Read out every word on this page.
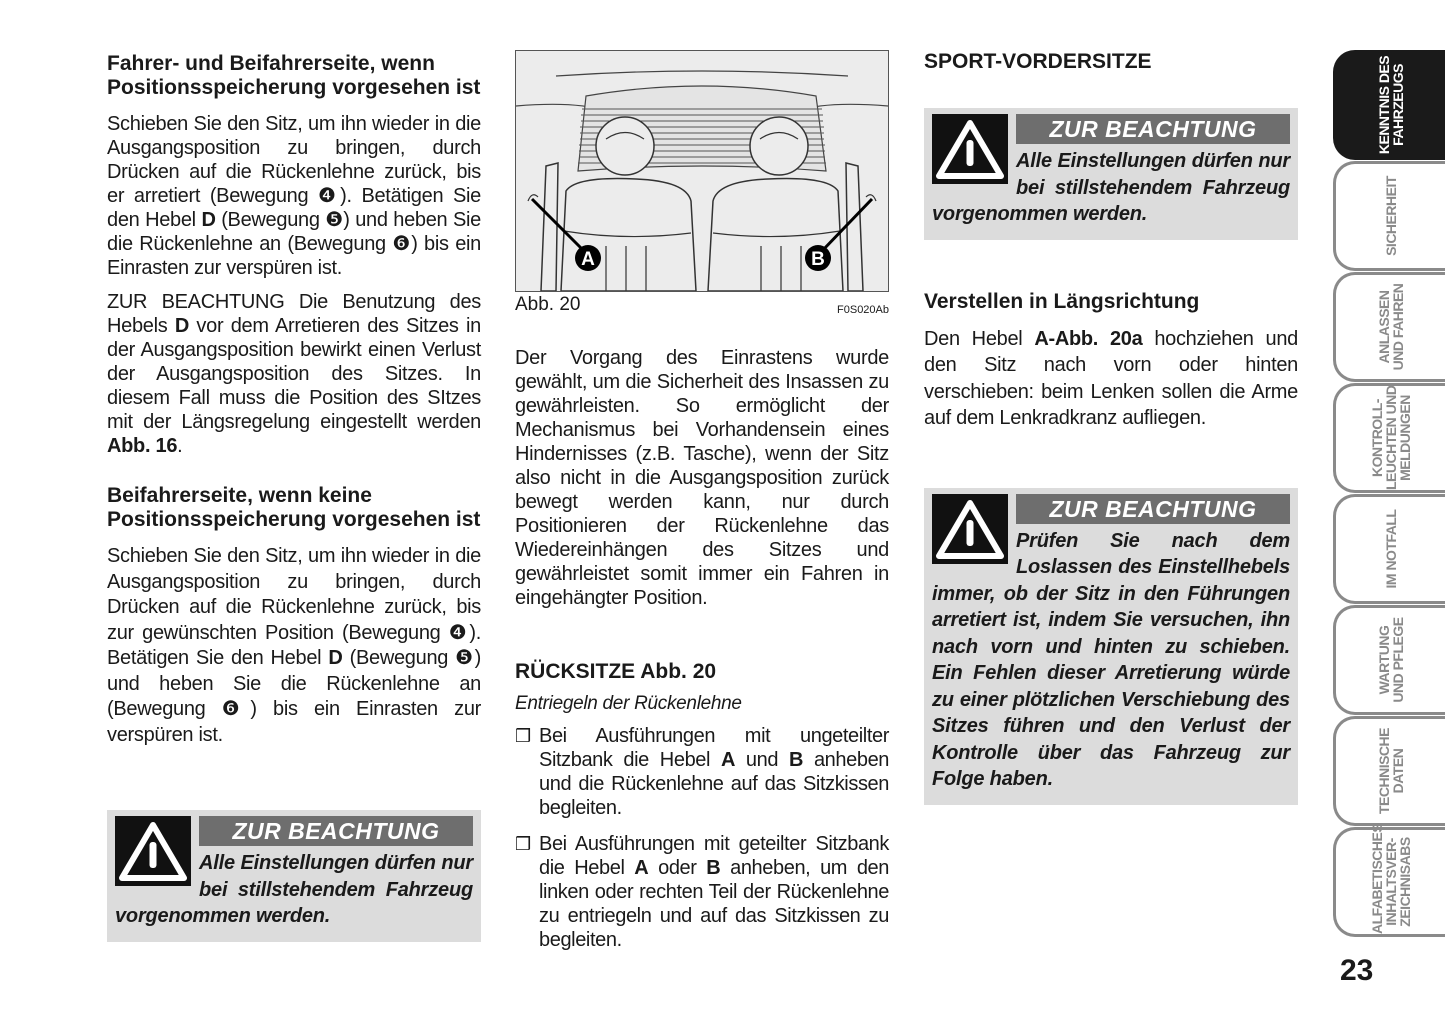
Fahrer- und Beifahrerseite, wenn Positionsspeicherung vorgesehen ist

Schieben Sie den Sitz, um ihn wieder in die Ausgangsposition zu bringen, durch Drücken auf die Rückenlehne zurück, bis er arretiert (Bewegung ❹). Betätigen Sie den Hebel D (Bewegung ❺) und heben Sie die Rückenlehne an (Bewegung ❻) bis ein Einrasten zur verspüren ist.

ZUR BEACHTUNG Die Benutzung des Hebels D vor dem Arretieren des Sitzes in der Ausgangsposition bewirkt einen Verlust der Ausgangsposition des Sitzes. In diesem Fall muss die Position des SItzes mit der Längsregelung eingestellt werden Abb. 16.

Beifahrerseite, wenn keine Positionsspeicherung vorgesehen ist

Schieben Sie den Sitz, um ihn wieder in die Ausgangsposition zu bringen, durch Drücken auf die Rückenlehne zurück, bis zur gewünschten Position (Bewegung ❹). Betätigen Sie den Hebel D (Bewegung ❺) und heben Sie die Rückenlehne an (Bewegung ❻) bis ein Einrasten zur verspüren ist.

ZUR BEACHTUNG

Alle Einstellungen dürfen nur bei stillstehendem Fahrzeug vorgenommen werden.

A	B
Abb. 20	F0S020Ab

Der Vorgang des Einrastens wurde gewählt, um die Sicherheit des Insassen zu gewährleisten. So ermöglicht der Mechanismus bei Vorhandensein eines Hindernisses (z.B. Tasche), wenn der Sitz also nicht in die Ausgangsposition zurück bewegt werden kann, nur durch Positionieren der Rückenlehne das Wiedereinhängen des Sitzes und gewährleistet somit immer ein Fahren in eingehängter Position.

RÜCKSITZE Abb. 20

Entriegeln der Rückenlehne

❒ Bei Ausführungen mit ungeteilter Sitzbank die Hebel A und B anheben und die Rückenlehne auf das Sitzkissen begleiten.
❒ Bei Ausführungen mit geteilter Sitzbank die Hebel A oder B anheben, um den linken oder rechten Teil der Rückenlehne zu entriegeln und auf das Sitzkissen zu begleiten.
SPORT-VORDERSITZE
ZUR BEACHTUNG

Alle Einstellungen dürfen nur bei stillstehendem Fahrzeug vorgenommen werden.

Verstellen in Längsrichtung

Den Hebel A-Abb. 20a hochziehen und den Sitz nach vorn oder hinten verschieben: beim Lenken sollen die Arme auf dem Lenkradkranz aufliegen.

ZUR BEACHTUNG

Prüfen Sie nach dem Loslassen des Einstellhebels immer, ob der Sitz in den Führungen arretiert ist, indem Sie versuchen, ihn nach vorn und hinten zu schieben. Ein Fehlen dieser Arretierung würde zu einer plötzlichen Verschiebung des Sitzes führen und den Verlust der Kontrolle über das Fahrzeug zur Folge haben.

KENNTNIS DES
FAHRZEUGS
SICHERHEIT
ANLASSEN
UND FAHREN
KONTROLL-
LEUCHTEN UND
MELDUNGEN
IM NOTFALL
WARTUNG
UND PFLEGE
TECHNISCHE
DATEN
ALFABETISCHES
INHALTSVER-
ZEICHNISABS
23
